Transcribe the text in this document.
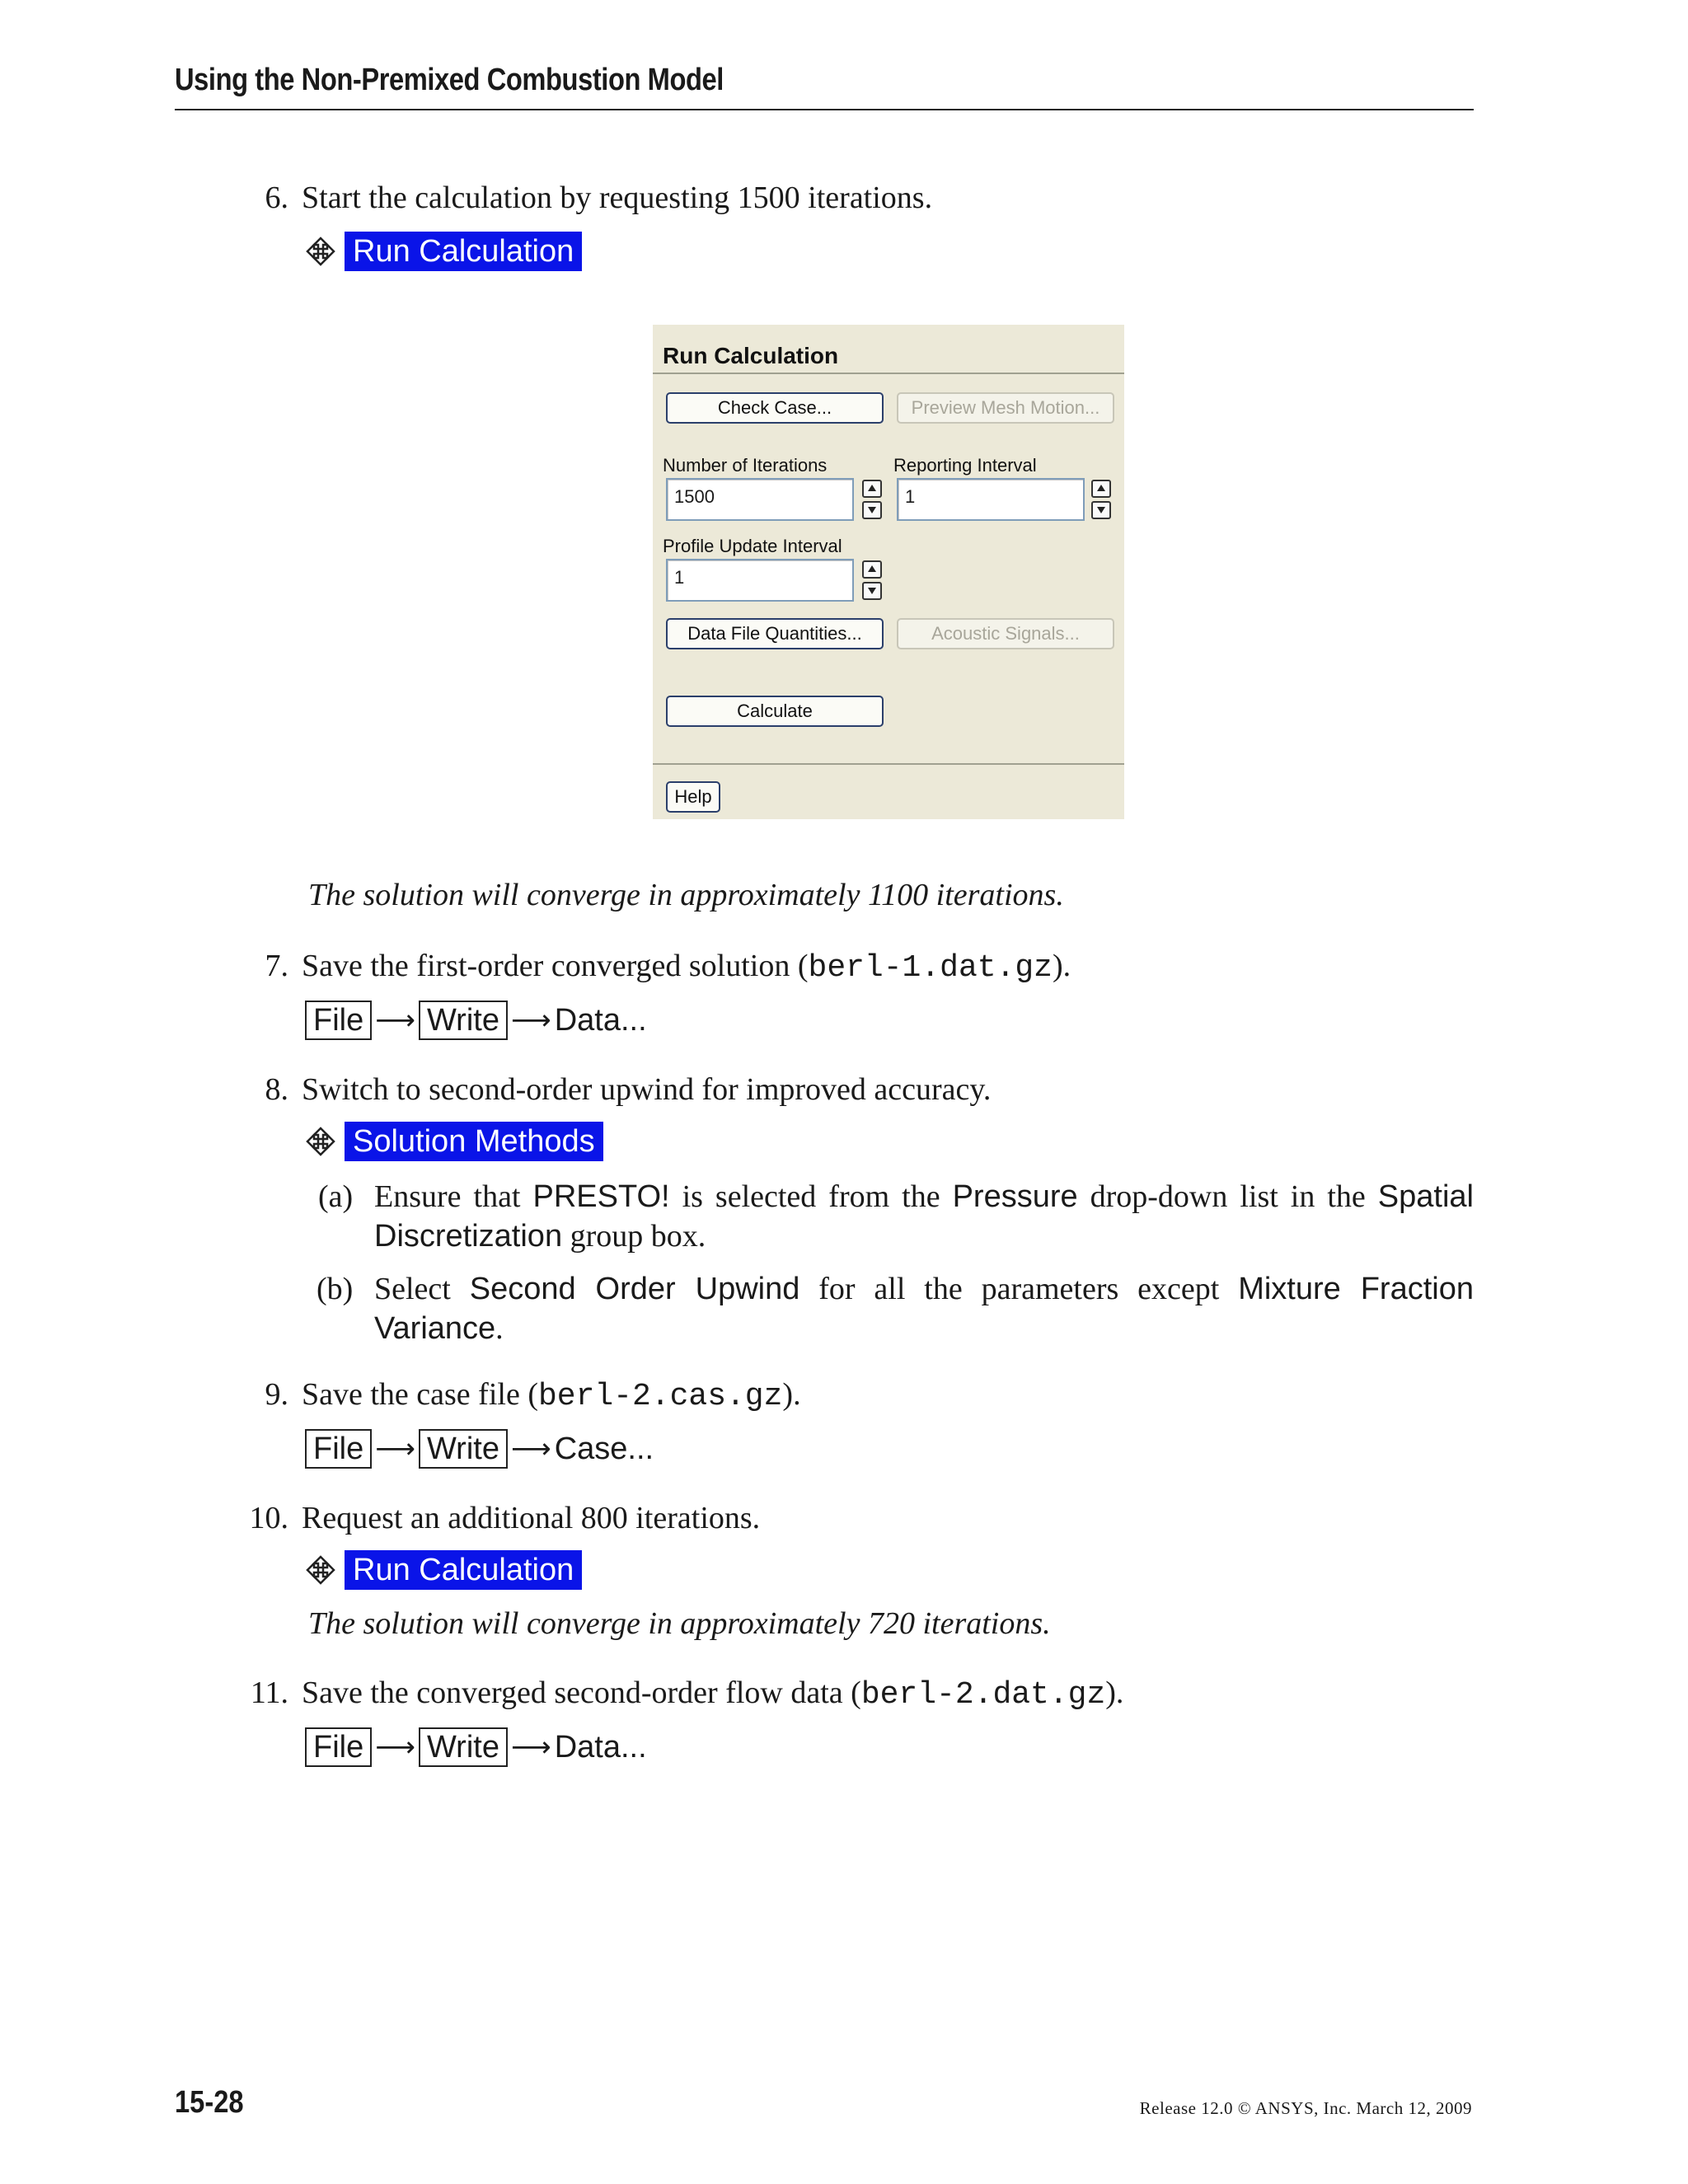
Using the Non-Premixed Combustion Model
6. Start the calculation by requesting 1500 iterations.
Run Calculation
Run Calculation
Check Case...	Preview Mesh Motion...
Number of Iterations	Reporting Interval
1500	1
Profile Update Interval
1
Data File Quantities...	Acoustic Signals...
Calculate
Help
The solution will converge in approximately 1100 iterations.
7. Save the first-order converged solution (berl-1.dat.gz).
File ⟶ Write ⟶ Data...
8. Switch to second-order upwind for improved accuracy.
Solution Methods
(a) Ensure that PRESTO! is selected from the Pressure drop-down list in the Spatial Discretization group box.
(b) Select Second Order Upwind for all the parameters except Mixture Fraction Variance.
9. Save the case file (berl-2.cas.gz).
File ⟶ Write ⟶ Case...
10. Request an additional 800 iterations.
Run Calculation
The solution will converge in approximately 720 iterations.
11. Save the converged second-order flow data (berl-2.dat.gz).
File ⟶ Write ⟶ Data...
15-28	Release 12.0 © ANSYS, Inc. March 12, 2009
